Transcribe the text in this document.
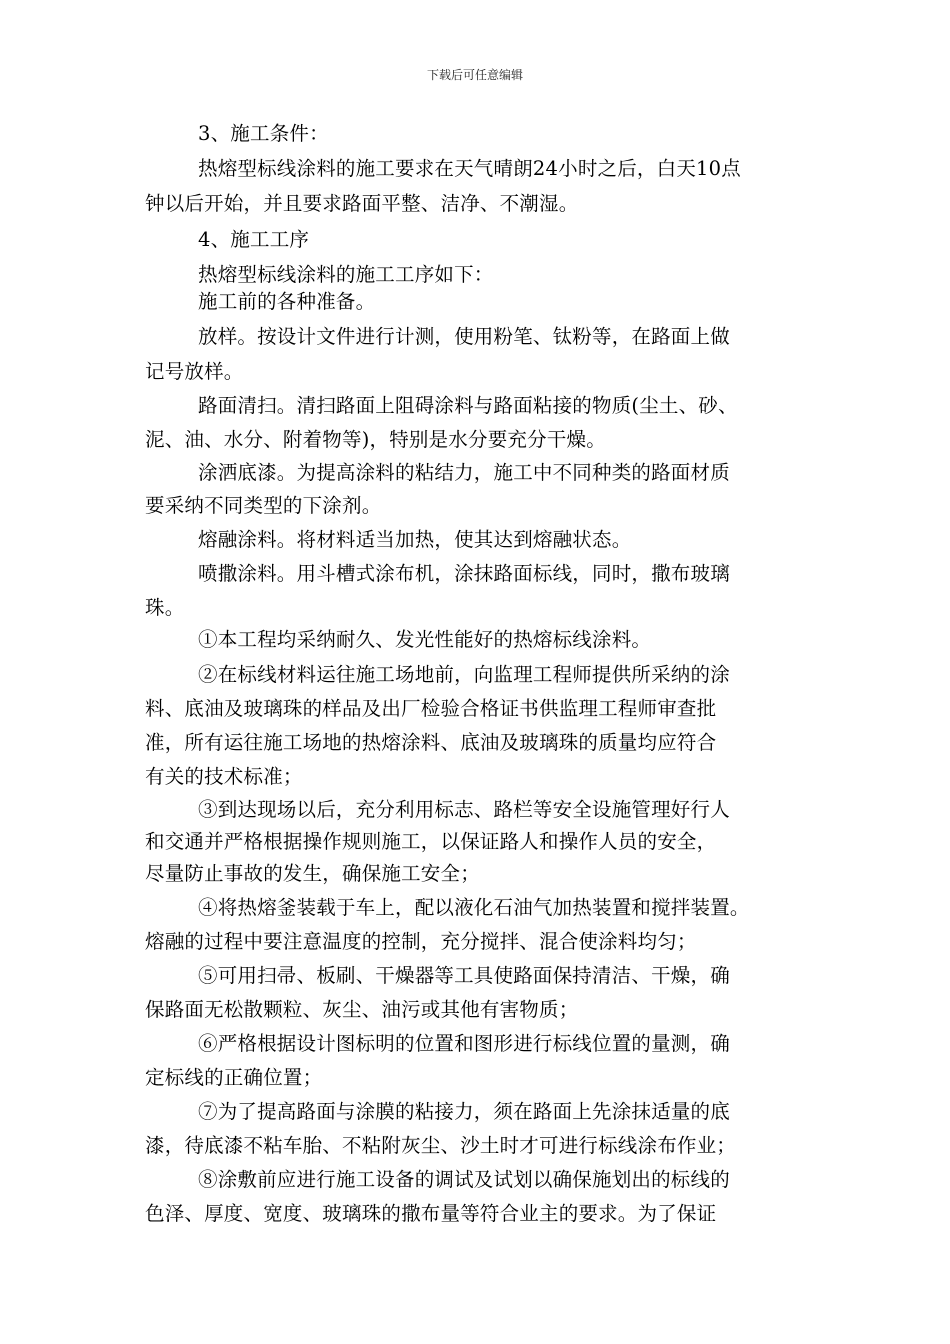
下载后可任意编辑
3、施工条件：
热熔型标线涂料的施工要求在天气晴朗24小时之后，白天10点
钟以后开始，并且要求路面平整、洁净、不潮湿。
4、施工工序
热熔型标线涂料的施工工序如下：
施工前的各种准备。
放样。按设计文件进行计测，使用粉笔、钛粉等，在路面上做
记号放样。
路面清扫。清扫路面上阻碍涂料与路面粘接的物质(尘土、砂、
泥、油、水分、附着物等)，特别是水分要充分干燥。
涂洒底漆。为提高涂料的粘结力，施工中不同种类的路面材质
要采纳不同类型的下涂剂。
熔融涂料。将材料适当加热，使其达到熔融状态。
喷撒涂料。用斗槽式涂布机，涂抹路面标线，同时，撒布玻璃
珠。
①本工程均采纳耐久、发光性能好的热熔标线涂料。
②在标线材料运往施工场地前，向监理工程师提供所采纳的涂
料、底油及玻璃珠的样品及出厂检验合格证书供监理工程师审查批
准，所有运往施工场地的热熔涂料、底油及玻璃珠的质量均应符合
有关的技术标准；
③到达现场以后，充分利用标志、路栏等安全设施管理好行人
和交通并严格根据操作规则施工，以保证路人和操作人员的安全，
尽量防止事故的发生，确保施工安全；
④将热熔釜装载于车上，配以液化石油气加热装置和搅拌装置。
熔融的过程中要注意温度的控制，充分搅拌、混合使涂料均匀；
⑤可用扫帚、板刷、干燥器等工具使路面保持清洁、干燥，确
保路面无松散颗粒、灰尘、油污或其他有害物质；
⑥严格根据设计图标明的位置和图形进行标线位置的量测，确
定标线的正确位置；
⑦为了提高路面与涂膜的粘接力，须在路面上先涂抹适量的底
漆，待底漆不粘车胎、不粘附灰尘、沙土时才可进行标线涂布作业；
⑧涂敷前应进行施工设备的调试及试划以确保施划出的标线的
色泽、厚度、宽度、玻璃珠的撒布量等符合业主的要求。为了保证
